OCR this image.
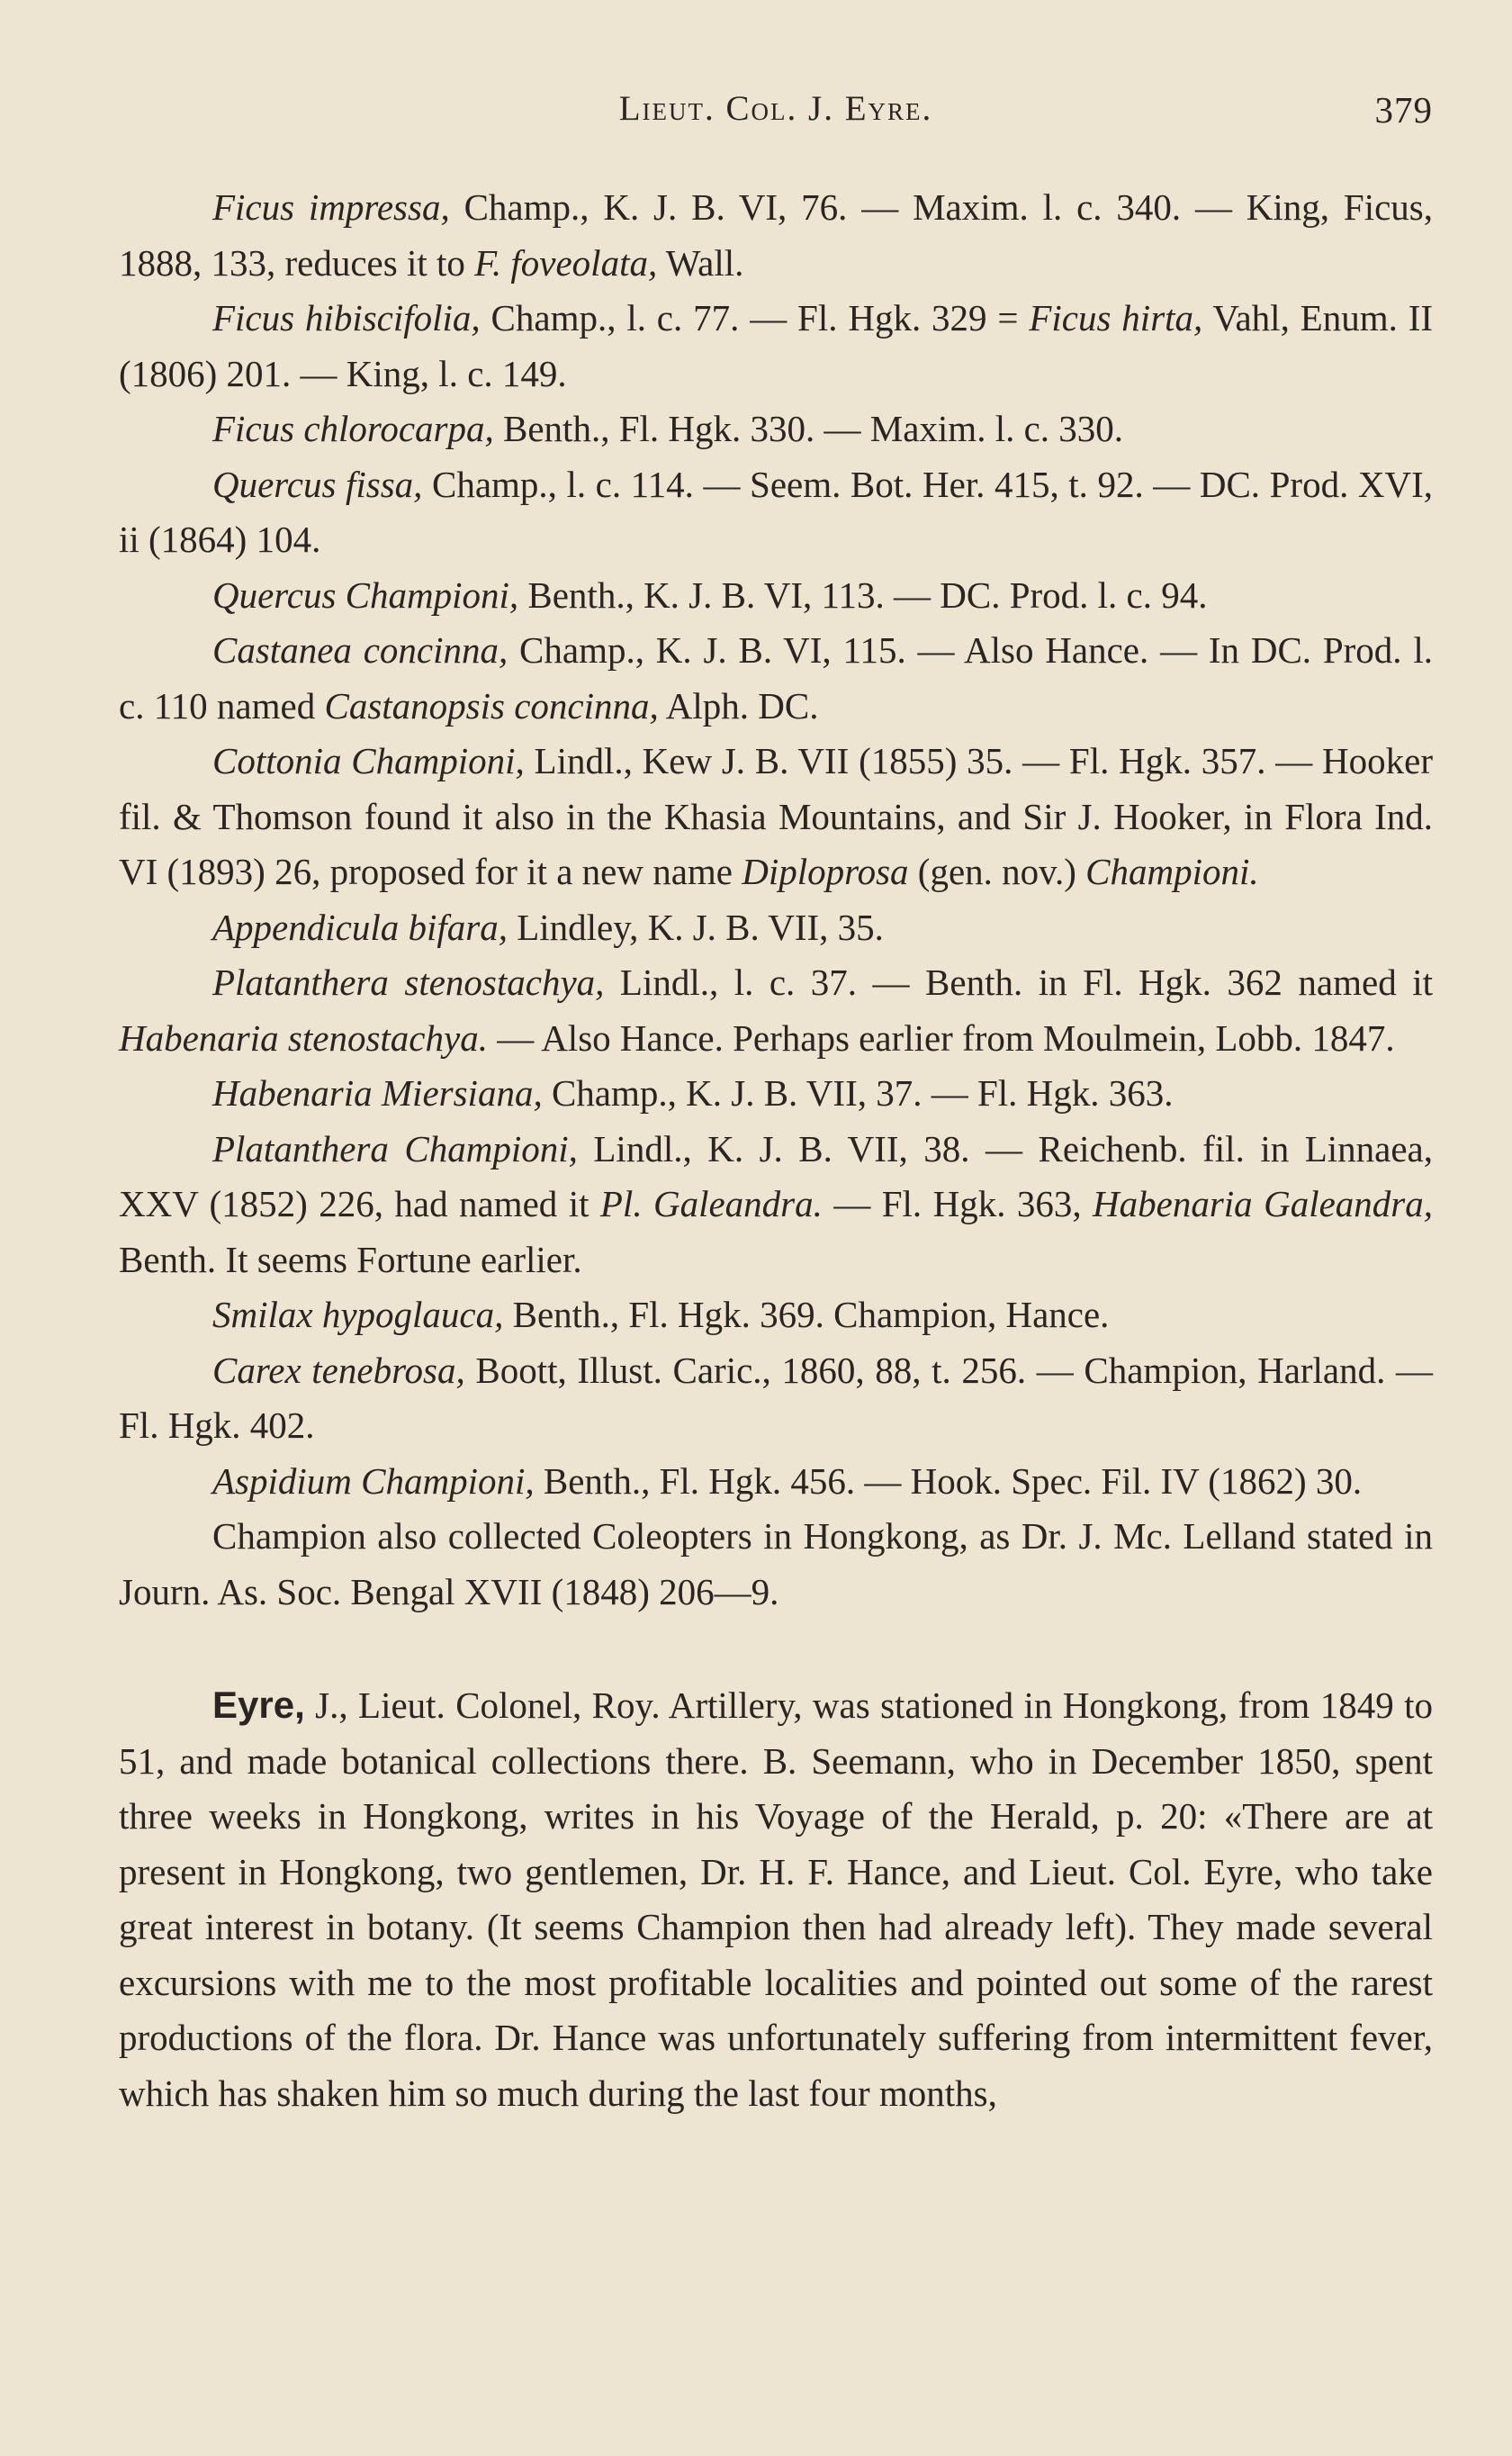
Lieut. Col. J. Eyre.	379

Ficus impressa, Champ., K. J. B. VI, 76. — Maxim. l. c. 340. — King, Ficus, 1888, 133, reduces it to F. foveolata, Wall.

Ficus hibiscifolia, Champ., l. c. 77. — Fl. Hgk. 329 = Ficus hirta, Vahl, Enum. II (1806) 201. — King, l. c. 149.

Ficus chlorocarpa, Benth., Fl. Hgk. 330. — Maxim. l. c. 330.

Quercus fissa, Champ., l. c. 114. — Seem. Bot. Her. 415, t. 92. — DC. Prod. XVI, ii (1864) 104.

Quercus Championi, Benth., K. J. B. VI, 113. — DC. Prod. l. c. 94.

Castanea concinna, Champ., K. J. B. VI, 115. — Also Hance. — In DC. Prod. l. c. 110 named Castanopsis concinna, Alph. DC.

Cottonia Championi, Lindl., Kew J. B. VII (1855) 35. — Fl. Hgk. 357. — Hooker fil. & Thomson found it also in the Khasia Mountains, and Sir J. Hooker, in Flora Ind. VI (1893) 26, proposed for it a new name Diploprosa (gen. nov.) Championi.

Appendicula bifara, Lindley, K. J. B. VII, 35.

Platanthera stenostachya, Lindl., l. c. 37. — Benth. in Fl. Hgk. 362 named it Habenaria stenostachya. — Also Hance. Perhaps earlier from Moulmein, Lobb. 1847.

Habenaria Miersiana, Champ., K. J. B. VII, 37. — Fl. Hgk. 363.

Platanthera Championi, Lindl., K. J. B. VII, 38. — Reichenb. fil. in Linnaea, XXV (1852) 226, had named it Pl. Galeandra. — Fl. Hgk. 363, Habenaria Galeandra, Benth. It seems Fortune earlier.

Smilax hypoglauca, Benth., Fl. Hgk. 369. Champion, Hance.

Carex tenebrosa, Boott, Illust. Caric., 1860, 88, t. 256. — Champion, Harland. — Fl. Hgk. 402.

Aspidium Championi, Benth., Fl. Hgk. 456. — Hook. Spec. Fil. IV (1862) 30.

Champion also collected Coleopters in Hongkong, as Dr. J. Mc. Lelland stated in Journ. As. Soc. Bengal XVII (1848) 206—9.

Eyre, J., Lieut. Colonel, Roy. Artillery, was stationed in Hongkong, from 1849 to 51, and made botanical collections there. B. Seemann, who in December 1850, spent three weeks in Hongkong, writes in his Voyage of the Herald, p. 20: «There are at present in Hongkong, two gentlemen, Dr. H. F. Hance, and Lieut. Col. Eyre, who take great interest in botany. (It seems Champion then had already left). They made several excursions with me to the most profitable localities and pointed out some of the rarest productions of the flora. Dr. Hance was unfortunately suffering from intermittent fever, which has shaken him so much during the last four months,
